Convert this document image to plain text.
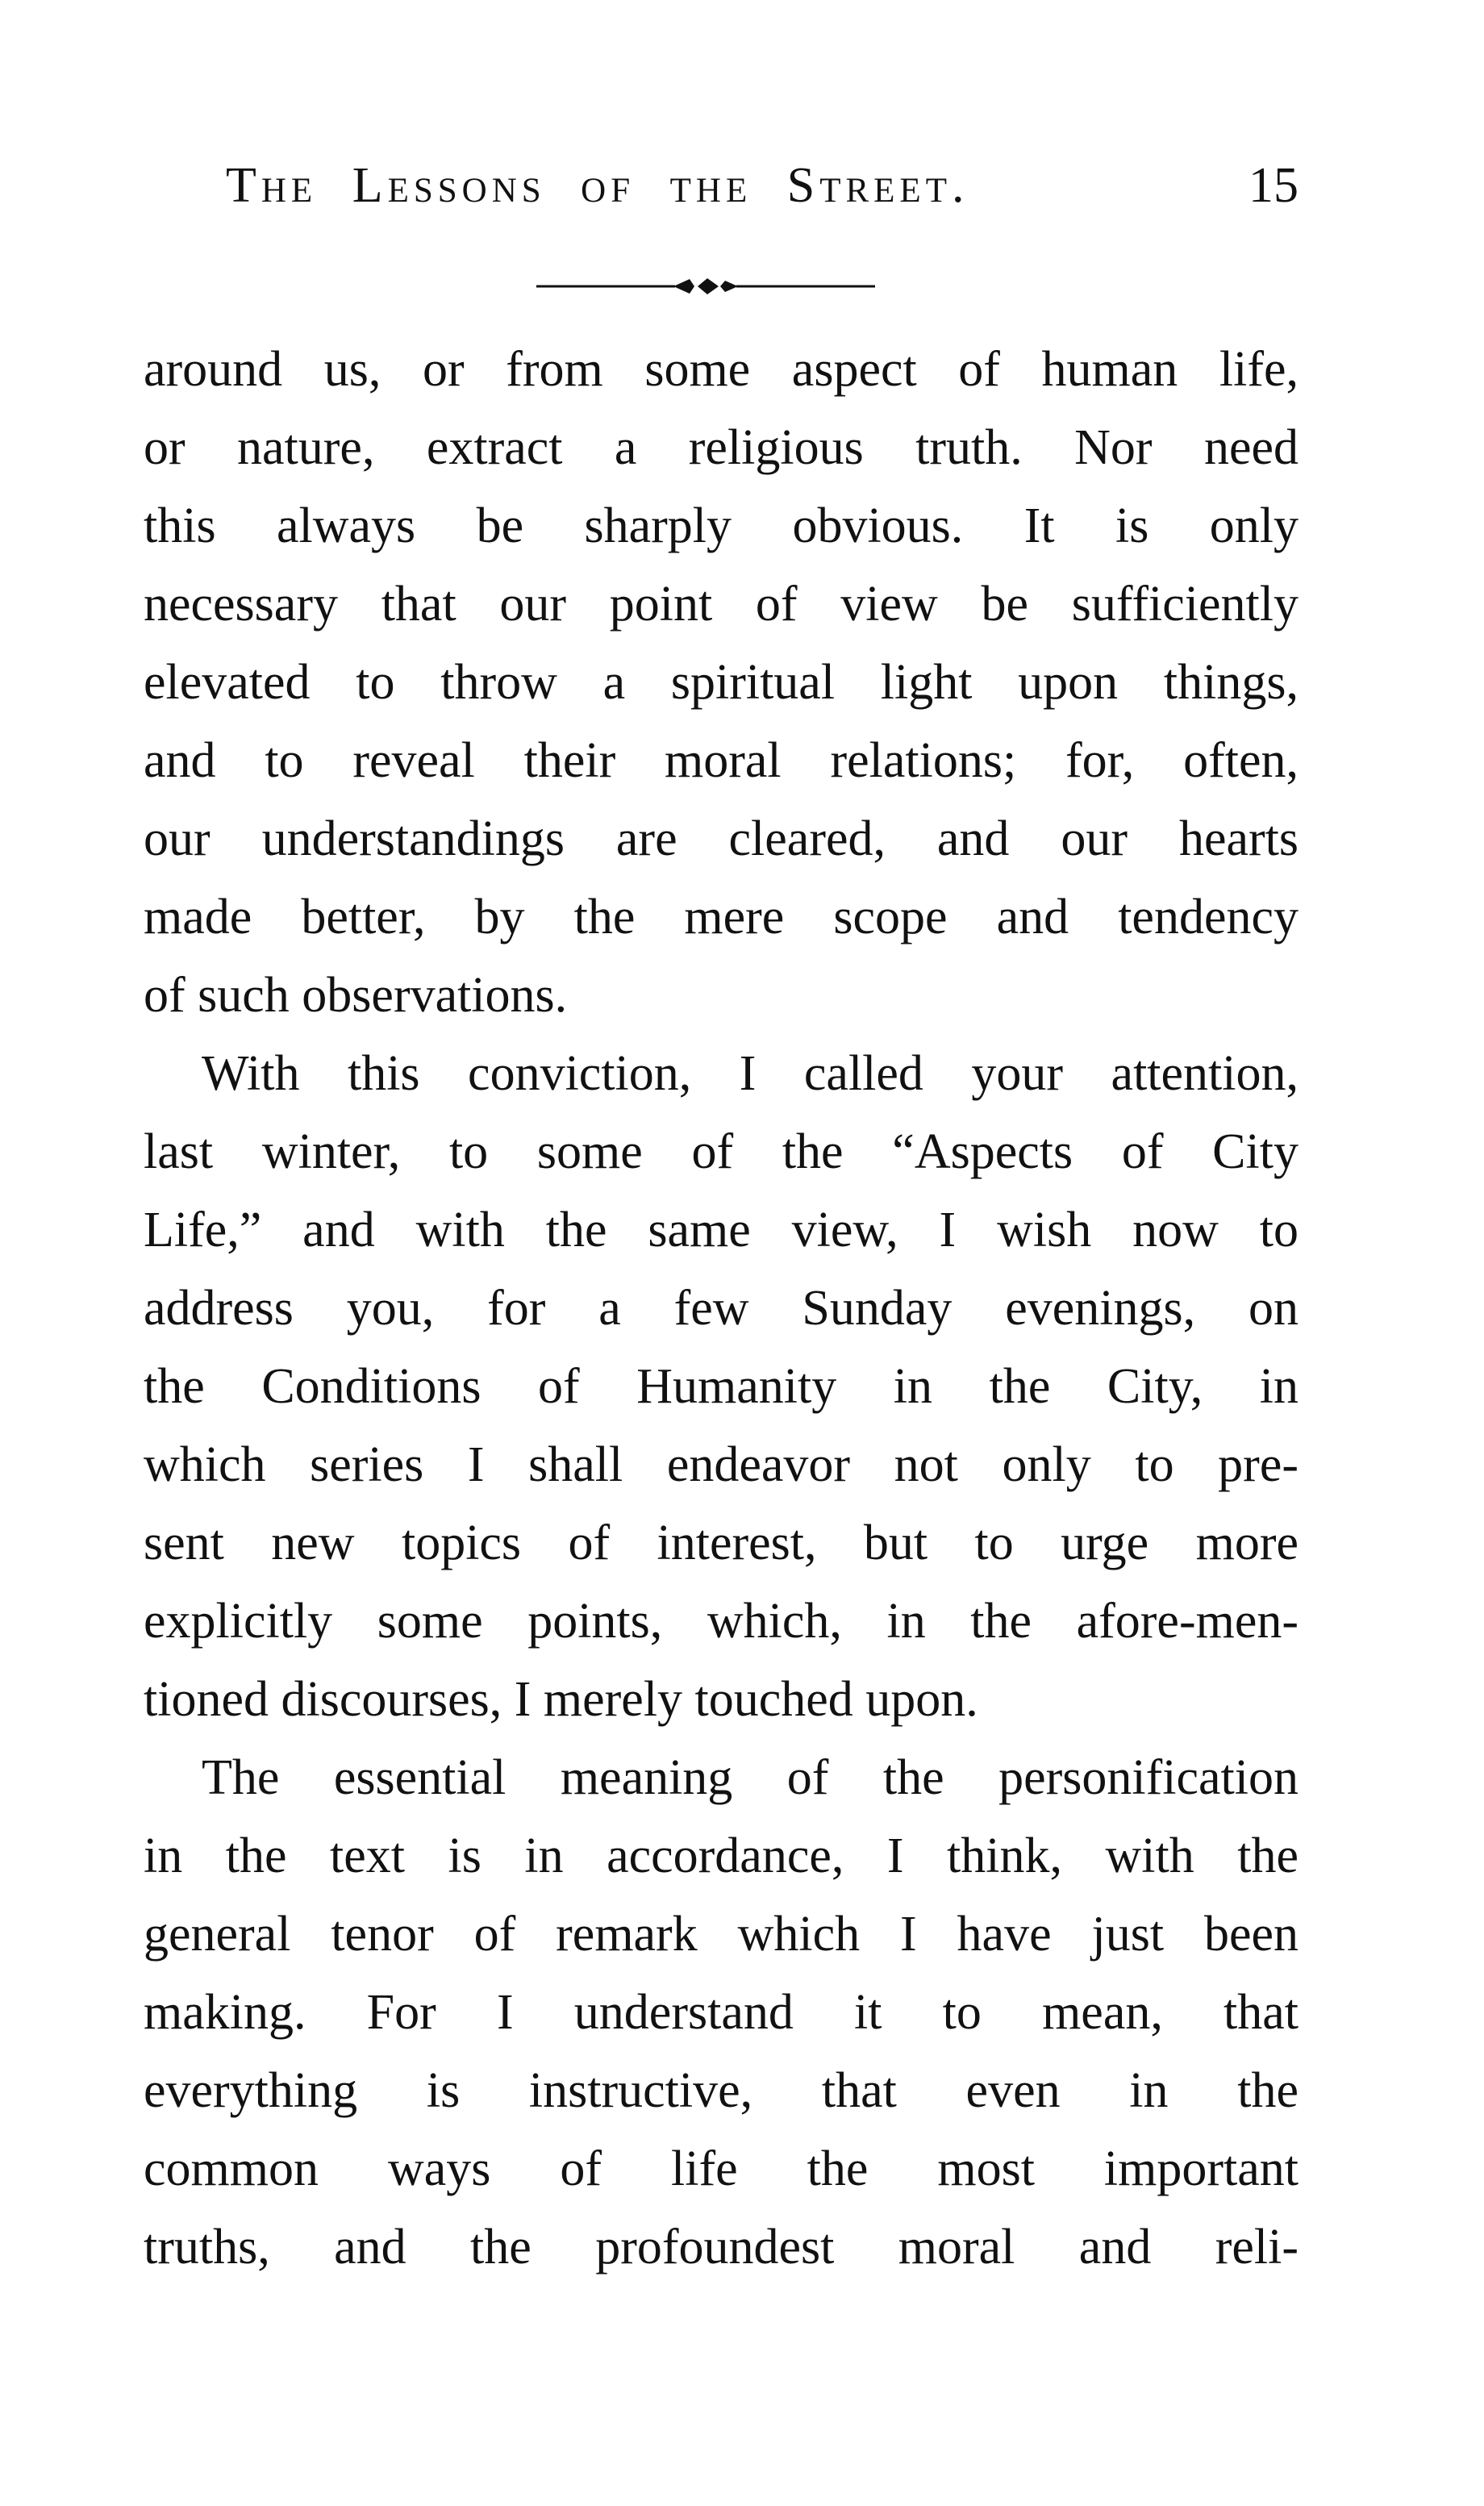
The Lessons of the Street.	15
around us, or from some aspect of human life,
or nature, extract a religious truth. Nor need
this always be sharply obvious. It is only
necessary that our point of view be sufficiently
elevated to throw a spiritual light upon things,
and to reveal their moral relations; for, often,
our understandings are cleared, and our hearts
made better, by the mere scope and tendency
of such observations.
With this conviction, I called your attention,
last winter, to some of the “Aspects of City
Life,” and with the same view, I wish now to
address you, for a few Sunday evenings, on
the Conditions of Humanity in the City, in
which series I shall endeavor not only to pre-
sent new topics of interest, but to urge more
explicitly some points, which, in the afore-men-
tioned discourses, I merely touched upon.
The essential meaning of the personification
in the text is in accordance, I think, with the
general tenor of remark which I have just been
making. For I understand it to mean, that
everything is instructive, that even in the
common ways of life the most important
truths, and the profoundest moral and reli-
